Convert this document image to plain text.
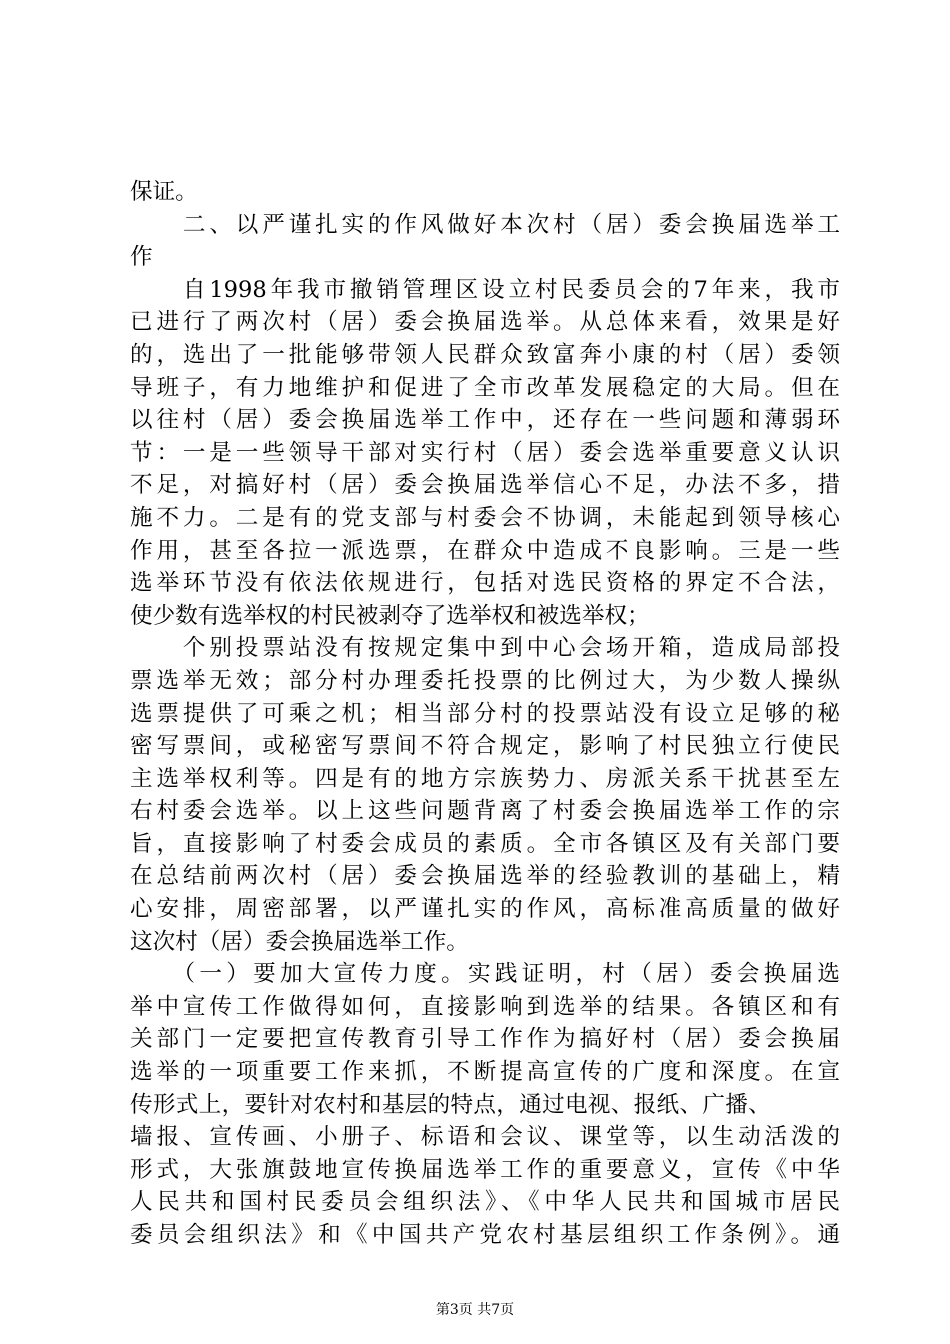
保证。
　　二、以严谨扎实的作风做好本次村（居）委会换届选举工
作
　　自1998年我市撤销管理区设立村民委员会的7年来，我市
已进行了两次村（居）委会换届选举。从总体来看，效果是好
的，选出了一批能够带领人民群众致富奔小康的村（居）委领
导班子，有力地维护和促进了全市改革发展稳定的大局。但在
以往村（居）委会换届选举工作中，还存在一些问题和薄弱环
节：一是一些领导干部对实行村（居）委会选举重要意义认识
不足，对搞好村（居）委会换届选举信心不足，办法不多，措
施不力。二是有的党支部与村委会不协调，未能起到领导核心
作用，甚至各拉一派选票，在群众中造成不良影响。三是一些
选举环节没有依法依规进行，包括对选民资格的界定不合法，
使少数有选举权的村民被剥夺了选举权和被选举权；
　　个别投票站没有按规定集中到中心会场开箱，造成局部投
票选举无效；部分村办理委托投票的比例过大，为少数人操纵
选票提供了可乘之机；相当部分村的投票站没有设立足够的秘
密写票间，或秘密写票间不符合规定，影响了村民独立行使民
主选举权利等。四是有的地方宗族势力、房派关系干扰甚至左
右村委会选举。以上这些问题背离了村委会换届选举工作的宗
旨，直接影响了村委会成员的素质。全市各镇区及有关部门要
在总结前两次村（居）委会换届选举的经验教训的基础上，精
心安排，周密部署，以严谨扎实的作风，高标准高质量的做好
这次村（居）委会换届选举工作。
　　（一）要加大宣传力度。实践证明，村（居）委会换届选
举中宣传工作做得如何，直接影响到选举的结果。各镇区和有
关部门一定要把宣传教育引导工作作为搞好村（居）委会换届
选举的一项重要工作来抓，不断提高宣传的广度和深度。在宣
传形式上，要针对农村和基层的特点，通过电视、报纸、广播、
墙报、宣传画、小册子、标语和会议、课堂等，以生动活泼的
形式，大张旗鼓地宣传换届选举工作的重要意义，宣传《中华
人民共和国村民委员会组织法》、《中华人民共和国城市居民
委员会组织法》和《中国共产党农村基层组织工作条例》。通
第3页 共7页
